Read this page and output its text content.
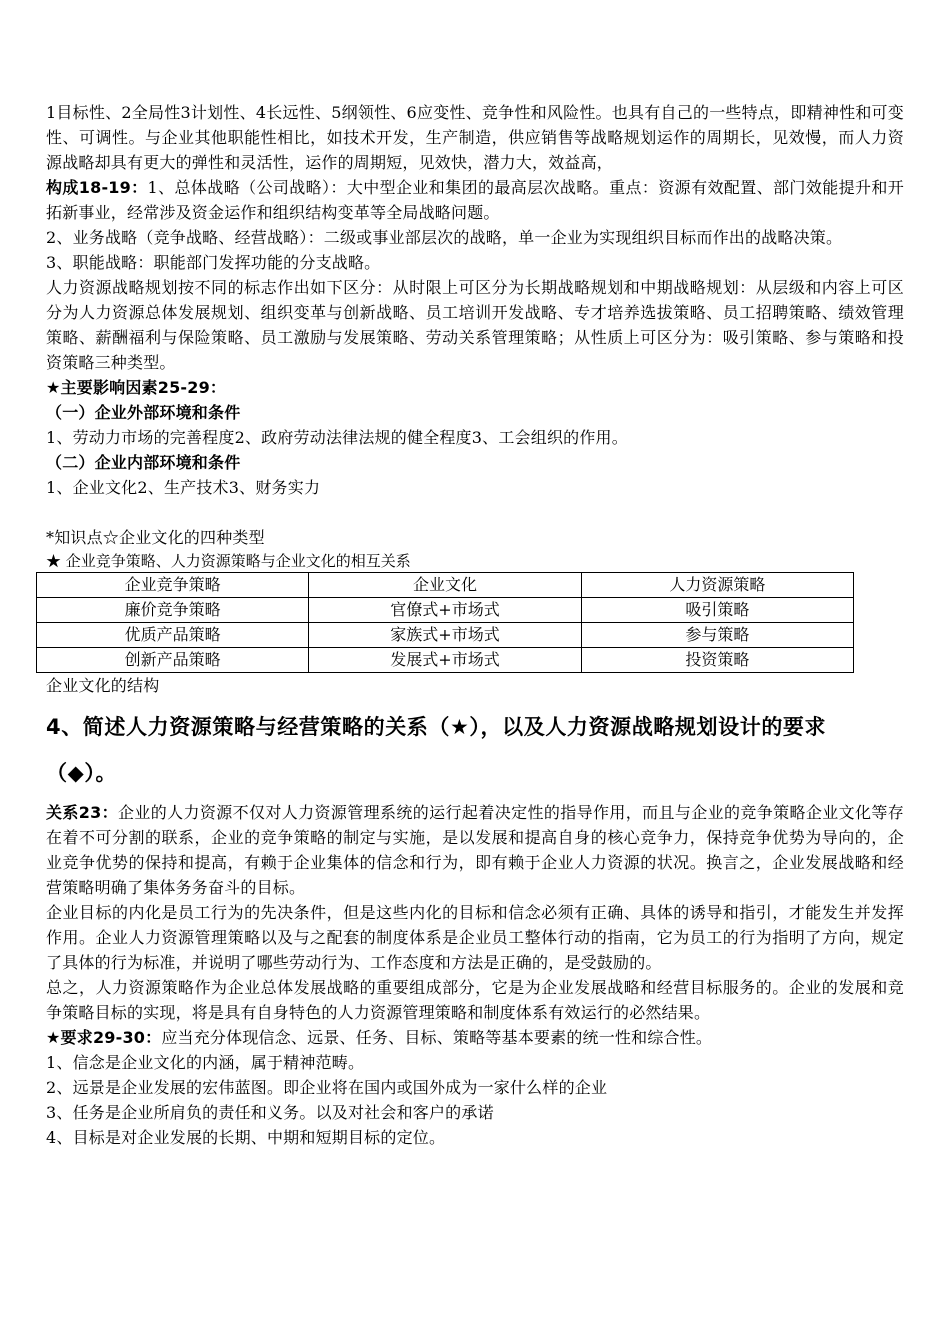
1目标性、2全局性3计划性、4长远性、5纲领性、6应变性、竞争性和风险性。也具有自己的一些特点，即精神性和可变性、可调性。与企业其他职能性相比，如技术开发，生产制造，供应销售等战略规划运作的周期长，见效慢，而人力资源战略却具有更大的弹性和灵活性，运作的周期短，见效快，潜力大，效益高，

构成18-19：1、总体战略（公司战略）：大中型企业和集团的最高层次战略。重点：资源有效配置、部门效能提升和开拓新事业，经常涉及资金运作和组织结构变革等全局战略问题。

2、业务战略（竞争战略、经营战略）：二级或事业部层次的战略，单一企业为实现组织目标而作出的战略决策。

3、职能战略：职能部门发挥功能的分支战略。

人力资源战略规划按不同的标志作出如下区分：从时限上可区分为长期战略规划和中期战略规划：从层级和内容上可区分为人力资源总体发展规划、组织变革与创新战略、员工培训开发战略、专才培养选拔策略、员工招聘策略、绩效管理策略、薪酬福利与保险策略、员工激励与发展策略、劳动关系管理策略；从性质上可区分为：吸引策略、参与策略和投资策略三种类型。

★主要影响因素25-29：

（一）企业外部环境和条件

1、劳动力市场的完善程度2、政府劳动法律法规的健全程度3、工会组织的作用。

（二）企业内部环境和条件

1、企业文化2、生产技术3、财务实力

*知识点☆企业文化的四种类型

★ 企业竞争策略、人力资源策略与企业文化的相互关系

企业竞争策略	企业文化	人力资源策略
廉价竞争策略	官僚式+市场式	吸引策略
优质产品策略	家族式+市场式	参与策略
创新产品策略	发展式+市场式	投资策略

企业文化的结构

4、简述人力资源策略与经营策略的关系（★），以及人力资源战略规划设计的要求
（◆）。

关系23：企业的人力资源不仅对人力资源管理系统的运行起着决定性的指导作用，而且与企业的竞争策略企业文化等存在着不可分割的联系，企业的竞争策略的制定与实施，是以发展和提高自身的核心竞争力，保持竞争优势为导向的，企业竞争优势的保持和提高，有赖于企业集体的信念和行为，即有赖于企业人力资源的状况。换言之，企业发展战略和经营策略明确了集体务务奋斗的目标。

企业目标的内化是员工行为的先决条件，但是这些内化的目标和信念必须有正确、具体的诱导和指引，才能发生并发挥作用。企业人力资源管理策略以及与之配套的制度体系是企业员工整体行动的指南，它为员工的行为指明了方向，规定了具体的行为标准，并说明了哪些劳动行为、工作态度和方法是正确的，是受鼓励的。

总之，人力资源策略作为企业总体发展战略的重要组成部分，它是为企业发展战略和经营目标服务的。企业的发展和竞争策略目标的实现，将是具有自身特色的人力资源管理策略和制度体系有效运行的必然结果。

★要求29-30：应当充分体现信念、远景、任务、目标、策略等基本要素的统一性和综合性。

1、信念是企业文化的内涵，属于精神范畴。

2、远景是企业发展的宏伟蓝图。即企业将在国内或国外成为一家什么样的企业

3、任务是企业所肩负的责任和义务。以及对社会和客户的承诺

4、目标是对企业发展的长期、中期和短期目标的定位。
